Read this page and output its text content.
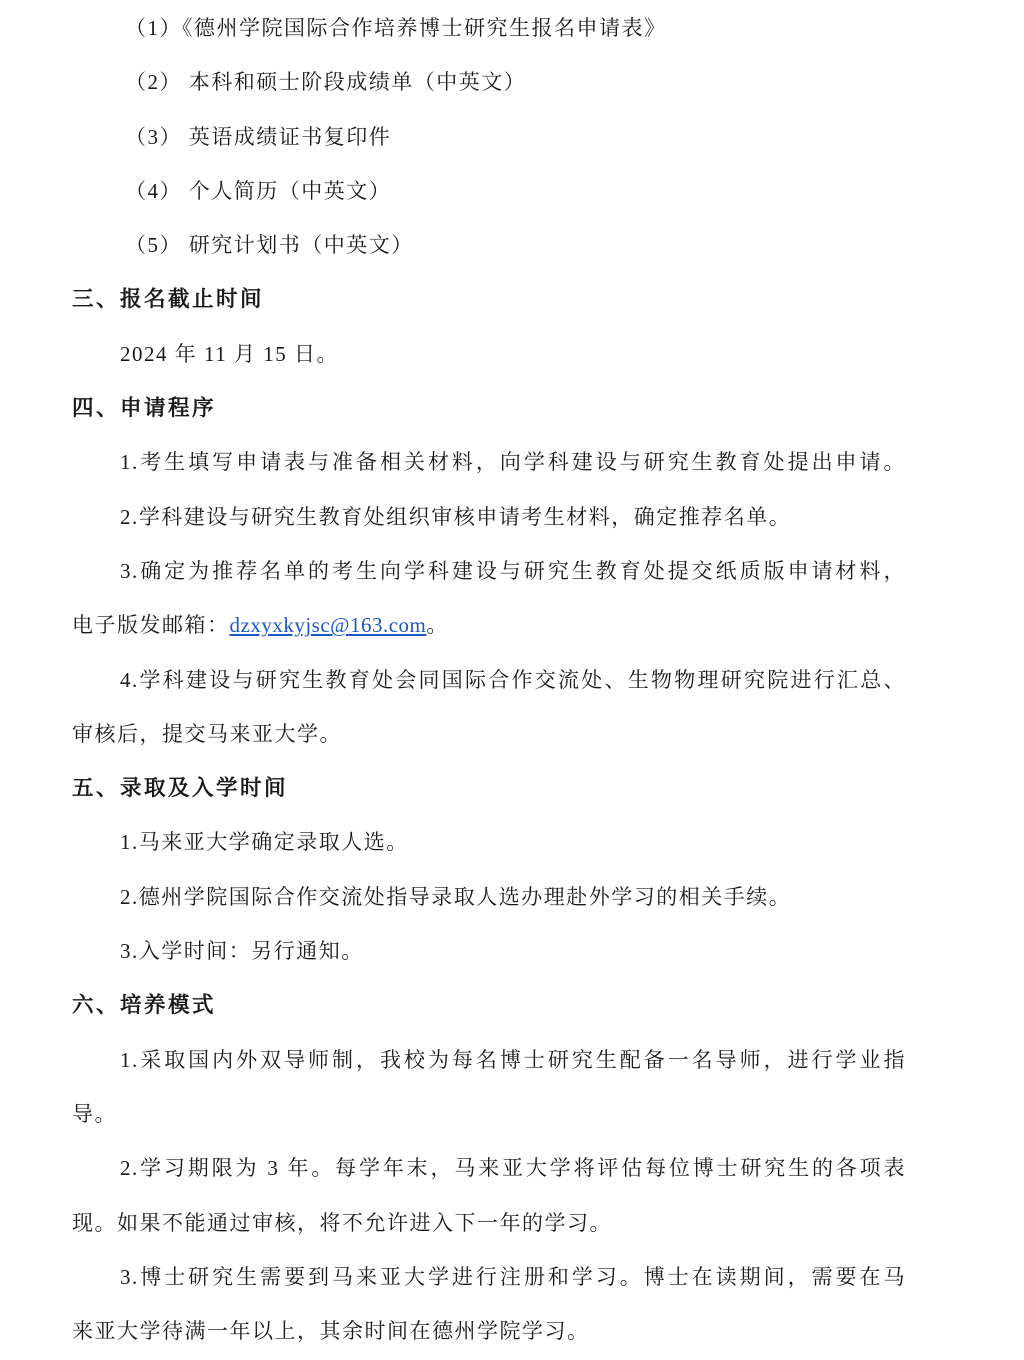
（1）《德州学院国际合作培养博士研究生报名申请表》
（2） 本科和硕士阶段成绩单（中英文）
（3） 英语成绩证书复印件
（4） 个人简历（中英文）
（5） 研究计划书（中英文）
三、报名截止时间
2024 年 11 月 15 日。
四、申请程序
1.考生填写申请表与准备相关材料，向学科建设与研究生教育处提出申请。
2.学科建设与研究生教育处组织审核申请考生材料，确定推荐名单。
3.确定为推荐名单的考生向学科建设与研究生教育处提交纸质版申请材料，
电子版发邮箱：dzxyxkyjsc@163.com。
4.学科建设与研究生教育处会同国际合作交流处、生物物理研究院进行汇总、
审核后，提交马来亚大学。
五、录取及入学时间
1.马来亚大学确定录取人选。
2.德州学院国际合作交流处指导录取人选办理赴外学习的相关手续。
3.入学时间：另行通知。
六、培养模式
1.采取国内外双导师制，我校为每名博士研究生配备一名导师，进行学业指
导。
2.学习期限为 3 年。每学年末，马来亚大学将评估每位博士研究生的各项表
现。如果不能通过审核，将不允许进入下一年的学习。
3.博士研究生需要到马来亚大学进行注册和学习。博士在读期间，需要在马
来亚大学待满一年以上，其余时间在德州学院学习。
